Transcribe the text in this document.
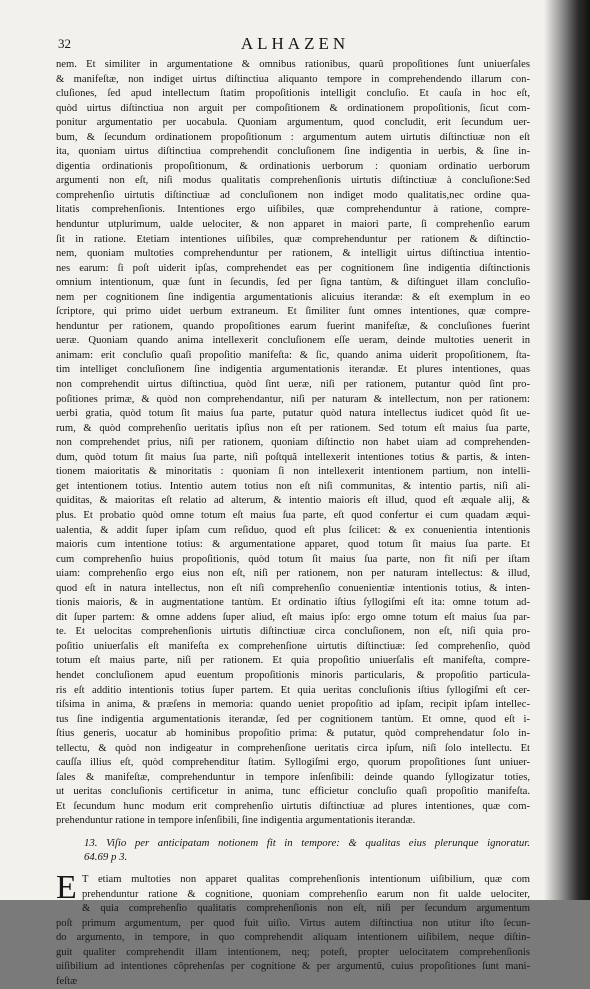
32	ALHAZEN
nem. Et similiter in argumentatione & omnibus rationibus, quarũ propoſitiones ſunt uniuerſales
& manifeſtæ, non indiget uirtus diſtinctiua aliquanto tempore in comprehendendo illarum con-
cluſiones, ſed apud intellectum ſtatim propoſitionis intelligit concluſio. Et cauſa in hoc eſt,
quòd uirtus diſtinctiua non arguit per compoſitionem & ordinationem propoſitionis, ſicut com-
ponitur argumentatio per uocabula. Quoniam argumentum, quod concludit, erit ſecundum uer-
bum, & ſecundum ordinationem propoſitionum : argumentum autem uirtutis diſtinctiuæ non eſt
ita, quoniam uirtus diſtinctiua comprehendit concluſionem ſine indigentia in uerbis, & ſine in-
digentia ordinationis propoſitionum, & ordinationis uerborum : quoniam ordinatio uerborum
argumenti non eſt, niſi modus qualitatis comprehenſionis uirtutis diſtinctiuæ à concluſione:Sed
comprehenſio uirtutis diſtinctiuæ ad concluſionem non indiget modo qualitatis,nec ordine qua-
litatis comprehenſionis. Intentiones ergo uiſibiles, quæ comprehenduntur à ratione, compre-
henduntur utplurimum, ualde uelociter, & non apparet in maiori parte, ſi comprehenſio earum
ſit in ratione. Etetiam intentiones uiſibiles, quæ comprehenduntur per rationem & diſtinctio-
nem, quoniam multoties comprehenduntur per rationem, & intelligit uirtus diſtinctiua intentio-
nes earum: ſi poſt uiderit ipſas, comprehendet eas per cognitionem ſine indigentia diſtinctionis
omnium intentionum, quæ ſunt in ſecundis, ſed per ſigna tantùm, & diſtinguet illam concluſio-
nem per cognitionem ſine indigentia argumentationis alicuius iterandæ: & eſt exemplum in eo
ſcriptore, qui primo uidet uerbum extraneum. Et ſimiliter ſunt omnes intentiones, quæ compre-
henduntur per rationem, quando propoſitiones earum fuerint manifeſtæ, & concluſiones fuerint
ueræ. Quoniam quando anima intellexerit concluſionem eſſe ueram, deinde multoties uenerit in
animam: erit concluſio quaſi propoſitio manifeſta: & ſic, quando anima uiderit propoſitionem, ſta-
tim intelliget concluſionem ſine indigentia argumentationis iterandæ. Et plures intentiones, quas
non comprehendit uirtus diſtinctiua, quòd ſint ueræ, niſi per rationem, putantur quòd ſint pro-
poſitiones primæ, & quòd non comprehendantur, niſi per naturam & intellectum, non per rationem:
uerbi gratia, quòd totum ſit maius ſua parte, putatur quòd natura intellectus iudicet quòd ſit ue-
rum, & quòd comprehenſio ueritatis ipſius non eſt per rationem. Sed totum eſt maius ſua parte,
non comprehendet prius, niſi per rationem, quoniam diſtinctio non habet uiam ad comprehenden-
dum, quòd totum ſit maius ſua parte, niſi poſtquã intellexerit intentiones totius & partis, & inten-
tionem maioritatis & minoritatis : quoniam ſi non intellexerit intentionem partium, non intelli-
get intentionem totius. Intentio autem totius non eſt niſi communitas, & intentio partis, niſi ali-
quiditas, & maioritas eſt relatio ad alterum, & intentio maioris eſt illud, quod eſt æquale alij, &
plus. Et probatio quòd omne totum eſt maius ſua parte, eſt quod confertur ei cum quadam æqui-
ualentia, & addit ſuper ipſam cum reſiduo, quod eſt plus ſcilicet: & ex conuenientia intentionis
maioris cum intentione totius: & argumentatione apparet, quod totum ſit maius ſua parte. Et
cum comprehenſio huius propoſitionis, quòd totum ſit maius ſua parte, non fit niſi per iſtam
uiam: comprehenſio ergo eius non eſt, niſi per rationem, non per naturam intellectus: & illud,
quod eſt in natura intellectus, non eſt niſi comprehenſio conuenientiæ intentionis totius, & inten-
tionis maioris, & in augmentatione tantùm. Et ordinatio iſtius ſyllogiſmi eſt ita: omne totum ad-
dit ſuper partem: & omne addens ſuper aliud, eſt maius ipſo: ergo omne totum eſt maius ſua par-
te. Et uelocitas comprehenſionis uirtutis diſtinctiuæ circa concluſionem, non eſt, niſi quia pro-
poſitio uniuerſalis eſt manifeſta ex comprehenſione uirtutis diſtinctiuæ: ſed comprehenſio, quòd
totum eſt maius parte, niſi per rationem. Et quia propoſitio uniuerſalis eſt manifeſta, compre-
hendet concluſionem apud euentum propoſitionis minoris particularis, & propoſitio particula-
ris eſt additio intentionis totius ſuper partem. Et quia ueritas concluſionis iſtius ſyllogiſmi eſt cer-
tiſsima in anima, & præſens in memoria: quando ueniet propoſitio ad ipſam, recipit ipſam intellec-
tus ſine indigentia argumentationis iterandæ, ſed per cognitionem tantùm. Et omne, quod eſt i-
ſtius generis, uocatur ab hominibus propoſitio prima: & putatur, quòd comprehendatur ſolo in-
tellectu, & quòd non indigeatur in comprehenſione ueritatis circa ipſum, niſi ſolo intellectu. Et
cauſſa illius eſt, quòd comprehenditur ſtatim. Syllogiſmi ergo, quorum propoſitiones ſunt uniuer-
ſales & manifeſtæ, comprehenduntur in tempore inſenſibili: deinde quando ſyllogizatur toties,
ut ueritas concluſionis certificetur in anima, tunc efficietur concluſio quaſi propoſitio manifeſta.
Et ſecundum hunc modum erit comprehenſio uirtutis diſtinctiuæ ad plures intentiones, quæ com-
prehenduntur ratione in tempore inſenſibili, ſine indigentia argumentationis iterandæ.
13. Viſio per anticipatam notionem fit in tempore: & qualitas eius plerunque ignoratur.
64.69 p 3.
E T etiam multoties non apparet qualitas comprehenſionis intentionum uiſibilium, quæ com
prehenduntur ratione & cognitione, quoniam comprehenſio earum non fit ualde uelociter,
& quia comprehenſio qualitatis comprehenſionis non eſt, niſi per ſecundum argumentum
poſt primum argumentum, per quod fuit uiſio. Virtus autem diſtinctiua non utitur iſto ſecun-
do argumento, in tempore, in quo comprehendit aliquam intentionem uiſibilem, neque diſtin-
guit qualiter comprehendit illam intentionem, neq; poteſt, propter uelocitatem comprehenſionis
uiſibilium ad intentiones cõprehenſas per cognitione & per argumentũ, cuius propoſitiones ſunt mani-
feſtæ
